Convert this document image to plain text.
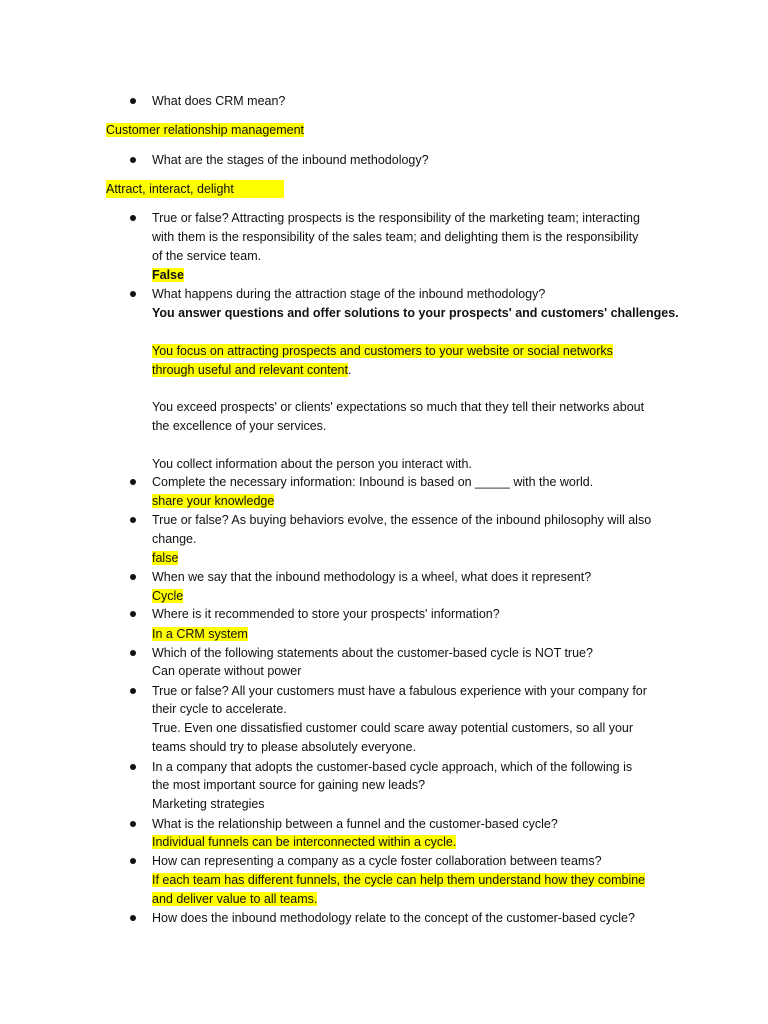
What does CRM mean?
Customer relationship management
What are the stages of the inbound methodology?
Attract, interact, delight
True or false? Attracting prospects is the responsibility of the marketing team; interacting
with them is the responsibility of the sales team; and delighting them is the responsibility
of the service team.
False
What happens during the attraction stage of the inbound methodology?
You answer questions and offer solutions to your prospects' and customers' challenges.
You focus on attracting prospects and customers to your website or social networks
through useful and relevant content.
You exceed prospects' or clients' expectations so much that they tell their networks about
the excellence of your services.
You collect information about the person you interact with.
Complete the necessary information: Inbound is based on _____ with the world.
share your knowledge
True or false? As buying behaviors evolve, the essence of the inbound philosophy will also
change.
false
When we say that the inbound methodology is a wheel, what does it represent?
Cycle
Where is it recommended to store your prospects' information?
In a CRM system
Which of the following statements about the customer-based cycle is NOT true?
Can operate without power
True or false? All your customers must have a fabulous experience with your company for
their cycle to accelerate.
True. Even one dissatisfied customer could scare away potential customers, so all your
teams should try to please absolutely everyone.
In a company that adopts the customer-based cycle approach, which of the following is
the most important source for gaining new leads?
Marketing strategies
What is the relationship between a funnel and the customer-based cycle?
Individual funnels can be interconnected within a cycle.
How can representing a company as a cycle foster collaboration between teams?
If each team has different funnels, the cycle can help them understand how they combine
and deliver value to all teams.
How does the inbound methodology relate to the concept of the customer-based cycle?
